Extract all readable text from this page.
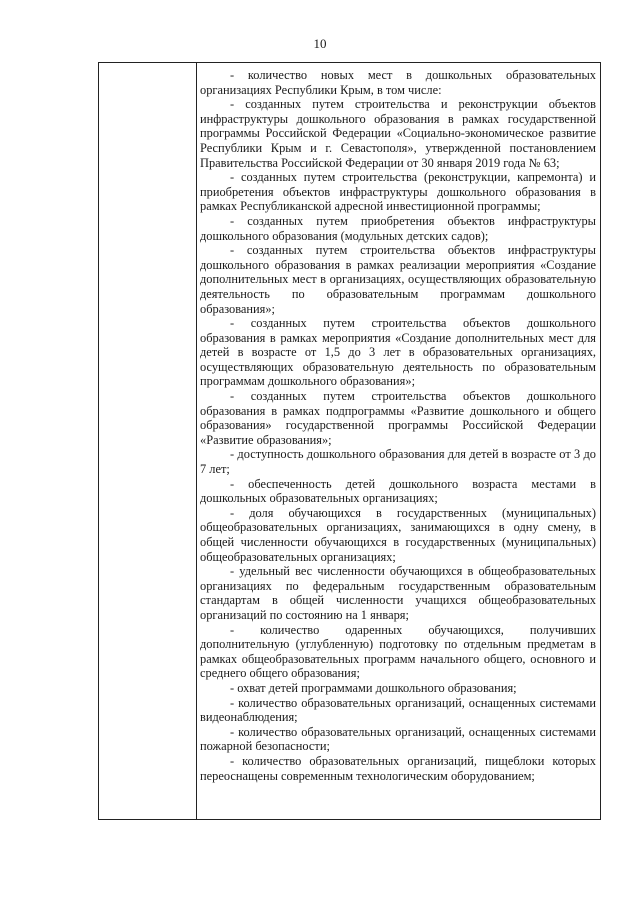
10

- количество новых мест в дошкольных образовательных организациях Республики Крым, в том числе:

- созданных путем строительства и реконструкции объектов инфраструктуры дошкольного образования в рамках государственной программы Российской Федерации «Социально-экономическое развитие Республики Крым и г. Севастополя», утвержденной постановлением Правительства Российской Федерации от 30 января 2019 года № 63;

- созданных путем строительства (реконструкции, капремонта) и приобретения объектов инфраструктуры дошкольного образования в рамках Республиканской адресной инвестиционной программы;

- созданных путем приобретения объектов инфраструктуры дошкольного образования (модульных детских садов);

- созданных путем строительства объектов инфраструктуры дошкольного образования в рамках реализации мероприятия «Создание дополнительных мест в организациях, осуществляющих образовательную деятельность по образовательным программам дошкольного образования»;

- созданных путем строительства объектов дошкольного образования в рамках мероприятия «Создание дополнительных мест для детей в возрасте от 1,5 до 3 лет в образовательных организациях, осуществляющих образовательную деятельность по образовательным программам дошкольного образования»;

- созданных путем строительства объектов дошкольного образования в рамках подпрограммы «Развитие дошкольного и общего образования» государственной программы Российской Федерации «Развитие образования»;

- доступность дошкольного образования для детей в возрасте от 3 до 7 лет;

- обеспеченность детей дошкольного возраста местами в дошкольных образовательных организациях;

- доля обучающихся в государственных (муниципальных) общеобразовательных организациях, занимающихся в одну смену, в общей численности обучающихся в государственных (муниципальных) общеобразовательных организациях;

- удельный вес численности обучающихся в общеобразовательных организациях по федеральным государственным образовательным стандартам в общей численности учащихся общеобразовательных организаций по состоянию на 1 января;

- количество одаренных обучающихся, получивших дополнительную (углубленную) подготовку по отдельным предметам в рамках общеобразовательных программ начального общего, основного и среднего общего образования;

- охват детей программами дошкольного образования;

- количество образовательных организаций, оснащенных системами видеонаблюдения;

- количество образовательных организаций, оснащенных системами пожарной безопасности;

- количество образовательных организаций, пищеблоки которых переоснащены современным технологическим оборудованием;
